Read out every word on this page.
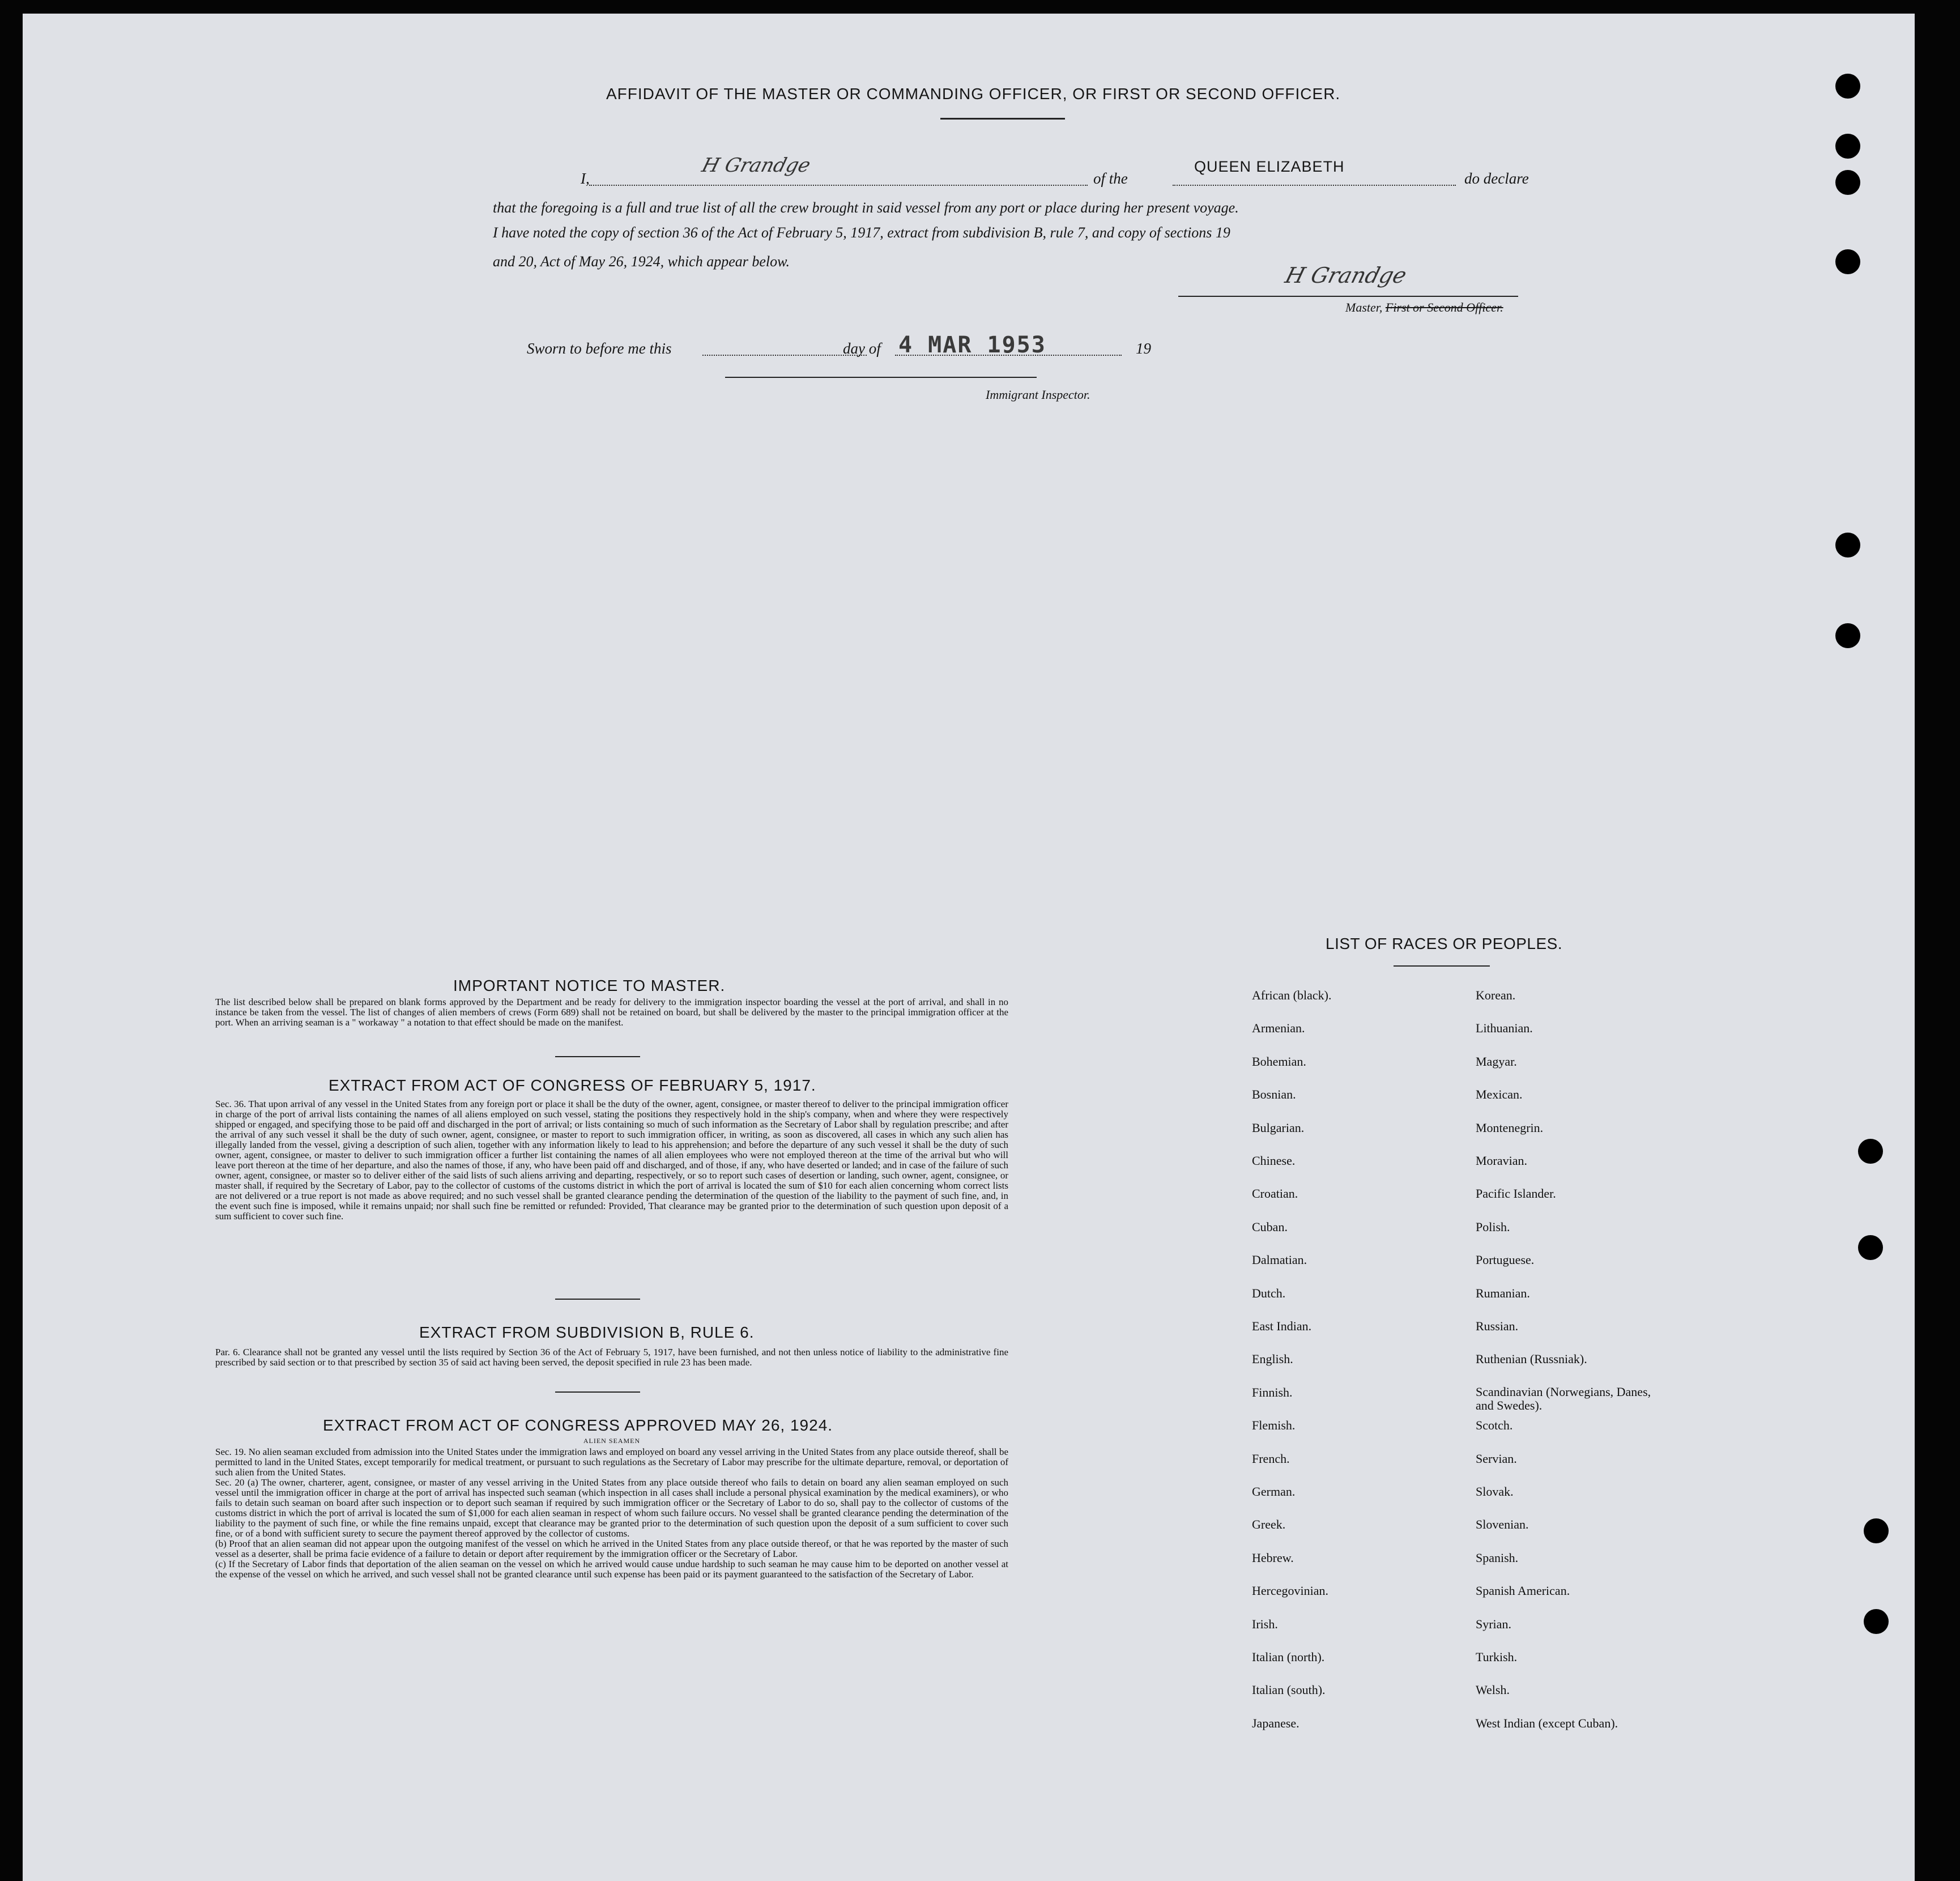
AFFIDAVIT OF THE MASTER OR COMMANDING OFFICER, OR FIRST OR SECOND OFFICER.
I,
H Grandge
of the
QUEEN ELIZABETH
do declare
that the foregoing is a full and true list of all the crew brought in said vessel from any port or place during her present voyage.
I have noted the copy of section 36 of the Act of February 5, 1917, extract from subdivision B, rule 7, and copy of sections 19
and 20, Act of May 26, 1924, which appear below.
H Grandge
Master, First or Second Officer.
Sworn to before me this	day of 4 MAR 1953	19
Immigrant Inspector.
IMPORTANT NOTICE TO MASTER.
The list described below shall be prepared on blank forms approved by the Department and be ready for delivery to the immigration inspector boarding the vessel at the port of arrival, and shall in no instance be taken from the vessel. The list of changes of alien members of crews (Form 689) shall not be retained on board, but shall be delivered by the master to the principal immigration officer at the port. When an arriving seaman is a " workaway " a notation to that effect should be made on the manifest.
EXTRACT FROM ACT OF CONGRESS OF FEBRUARY 5, 1917.
Sec. 36. That upon arrival of any vessel in the United States from any foreign port or place it shall be the duty of the owner, agent, consignee, or master thereof to deliver to the principal immigration officer in charge of the port of arrival lists containing the names of all aliens employed on such vessel, stating the positions they respectively hold in the ship's company, when and where they were respectively shipped or engaged, and specifying those to be paid off and discharged in the port of arrival; or lists containing so much of such information as the Secretary of Labor shall by regulation prescribe; and after the arrival of any such vessel it shall be the duty of such owner, agent, consignee, or master to report to such immigration officer, in writing, as soon as discovered, all cases in which any such alien has illegally landed from the vessel, giving a description of such alien, together with any information likely to lead to his apprehension; and before the departure of any such vessel it shall be the duty of such owner, agent, consignee, or master to deliver to such immigration officer a further list containing the names of all alien employees who were not employed thereon at the time of the arrival but who will leave port thereon at the time of her departure, and also the names of those, if any, who have been paid off and discharged, and of those, if any, who have deserted or landed; and in case of the failure of such owner, agent, consignee, or master so to deliver either of the said lists of such aliens arriving and departing, respectively, or so to report such cases of desertion or landing, such owner, agent, consignee, or master shall, if required by the Secretary of Labor, pay to the collector of customs of the customs district in which the port of arrival is located the sum of $10 for each alien concerning whom correct lists are not delivered or a true report is not made as above required; and no such vessel shall be granted clearance pending the determination of the question of the liability to the payment of such fine, and, in the event such fine is imposed, while it remains unpaid; nor shall such fine be remitted or refunded: Provided, That clearance may be granted prior to the determination of such question upon deposit of a sum sufficient to cover such fine.
EXTRACT FROM SUBDIVISION B, RULE 6.
Par. 6. Clearance shall not be granted any vessel until the lists required by Section 36 of the Act of February 5, 1917, have been furnished, and not then unless notice of liability to the administrative fine prescribed by said section or to that prescribed by section 35 of said act having been served, the deposit specified in rule 23 has been made.
EXTRACT FROM ACT OF CONGRESS APPROVED MAY 26, 1924.
ALIEN SEAMEN
Sec. 19. No alien seaman excluded from admission into the United States under the immigration laws and employed on board any vessel arriving in the United States from any place outside thereof, shall be permitted to land in the United States, except temporarily for medical treatment, or pursuant to such regulations as the Secretary of Labor may prescribe for the ultimate departure, removal, or deportation of such alien from the United States.
Sec. 20 (a) The owner, charterer, agent, consignee, or master of any vessel arriving in the United States from any place outside thereof who fails to detain on board any alien seaman employed on such vessel until the immigration officer in charge at the port of arrival has inspected such seaman (which inspection in all cases shall include a personal physical examination by the medical examiners), or who fails to detain such seaman on board after such inspection or to deport such seaman if required by such immigration officer or the Secretary of Labor to do so, shall pay to the collector of customs of the customs district in which the port of arrival is located the sum of $1,000 for each alien seaman in respect of whom such failure occurs. No vessel shall be granted clearance pending the determination of the liability to the payment of such fine, or while the fine remains unpaid, except that clearance may be granted prior to the determination of such question upon the deposit of a sum sufficient to cover such fine, or of a bond with sufficient surety to secure the payment thereof approved by the collector of customs.
(b) Proof that an alien seaman did not appear upon the outgoing manifest of the vessel on which he arrived in the United States from any place outside thereof, or that he was reported by the master of such vessel as a deserter, shall be prima facie evidence of a failure to detain or deport after requirement by the immigration officer or the Secretary of Labor.
(c) If the Secretary of Labor finds that deportation of the alien seaman on the vessel on which he arrived would cause undue hardship to such seaman he may cause him to be deported on another vessel at the expense of the vessel on which he arrived, and such vessel shall not be granted clearance until such expense has been paid or its payment guaranteed to the satisfaction of the Secretary of Labor.
LIST OF RACES OR PEOPLES.
African (black).
Armenian.
Bohemian.
Bosnian.
Bulgarian.
Chinese.
Croatian.
Cuban.
Dalmatian.
Dutch.
East Indian.
English.
Finnish.
Flemish.
French.
German.
Greek.
Hebrew.
Hercegovinian.
Irish.
Italian (north).
Italian (south).
Japanese.
Korean.
Lithuanian.
Magyar.
Mexican.
Montenegrin.
Moravian.
Pacific Islander.
Polish.
Portuguese.
Rumanian.
Russian.
Ruthenian (Russniak).
Scandinavian (Norwegians, Danes, and Swedes).
Scotch.
Servian.
Slovak.
Slovenian.
Spanish.
Spanish American.
Syrian.
Turkish.
Welsh.
West Indian (except Cuban).
